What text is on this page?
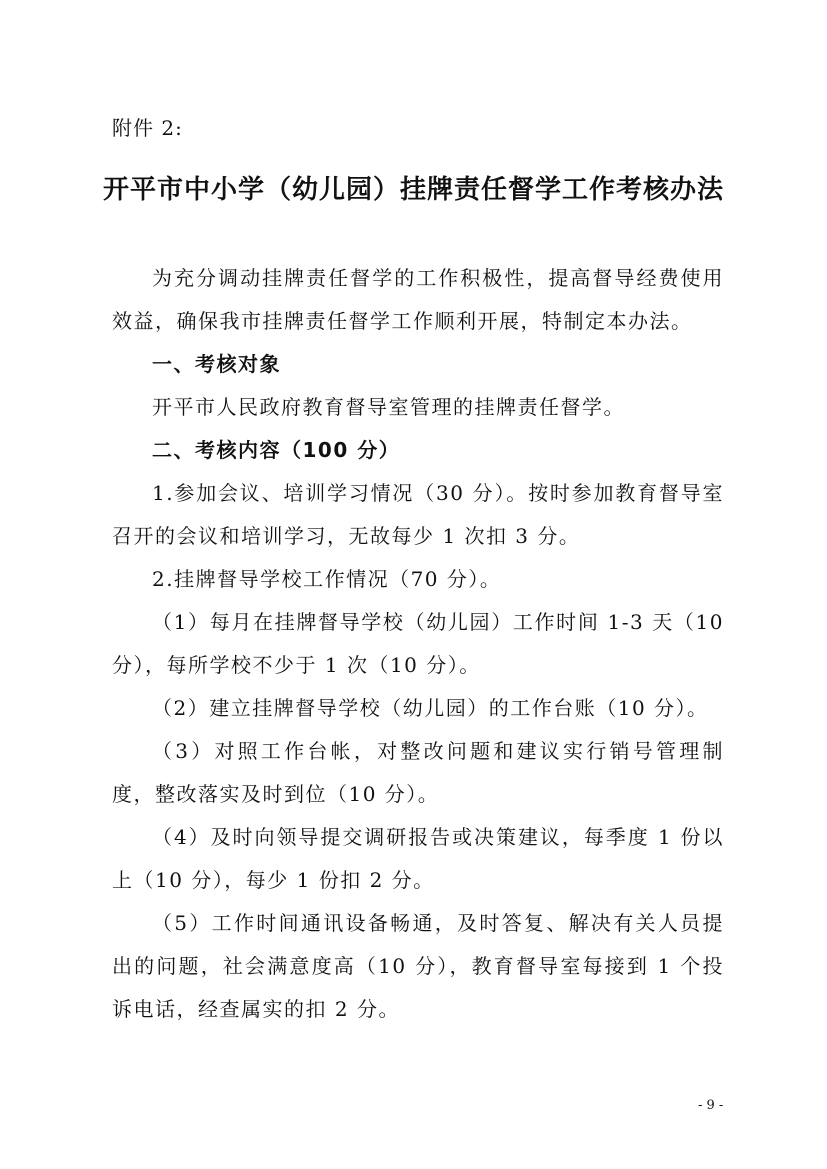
附件 2:
开平市中小学（幼儿园）挂牌责任督学工作考核办法

为充分调动挂牌责任督学的工作积极性，提高督导经费使用效益，确保我市挂牌责任督学工作顺利开展，特制定本办法。

一、考核对象

开平市人民政府教育督导室管理的挂牌责任督学。

二、考核内容（100 分）

1.参加会议、培训学习情况（30 分）。按时参加教育督导室召开的会议和培训学习，无故每少 1 次扣 3 分。

2.挂牌督导学校工作情况（70 分）。

（1）每月在挂牌督导学校（幼儿园）工作时间 1-3 天（10 分），每所学校不少于 1 次（10 分）。

（2）建立挂牌督导学校（幼儿园）的工作台账（10 分）。

（3）对照工作台帐，对整改问题和建议实行销号管理制度，整改落实及时到位（10 分）。

（4）及时向领导提交调研报告或决策建议，每季度 1 份以上（10 分），每少 1 份扣 2 分。

（5）工作时间通讯设备畅通，及时答复、解决有关人员提出的问题，社会满意度高（10 分），教育督导室每接到 1 个投诉电话，经查属实的扣 2 分。

- 9 -
